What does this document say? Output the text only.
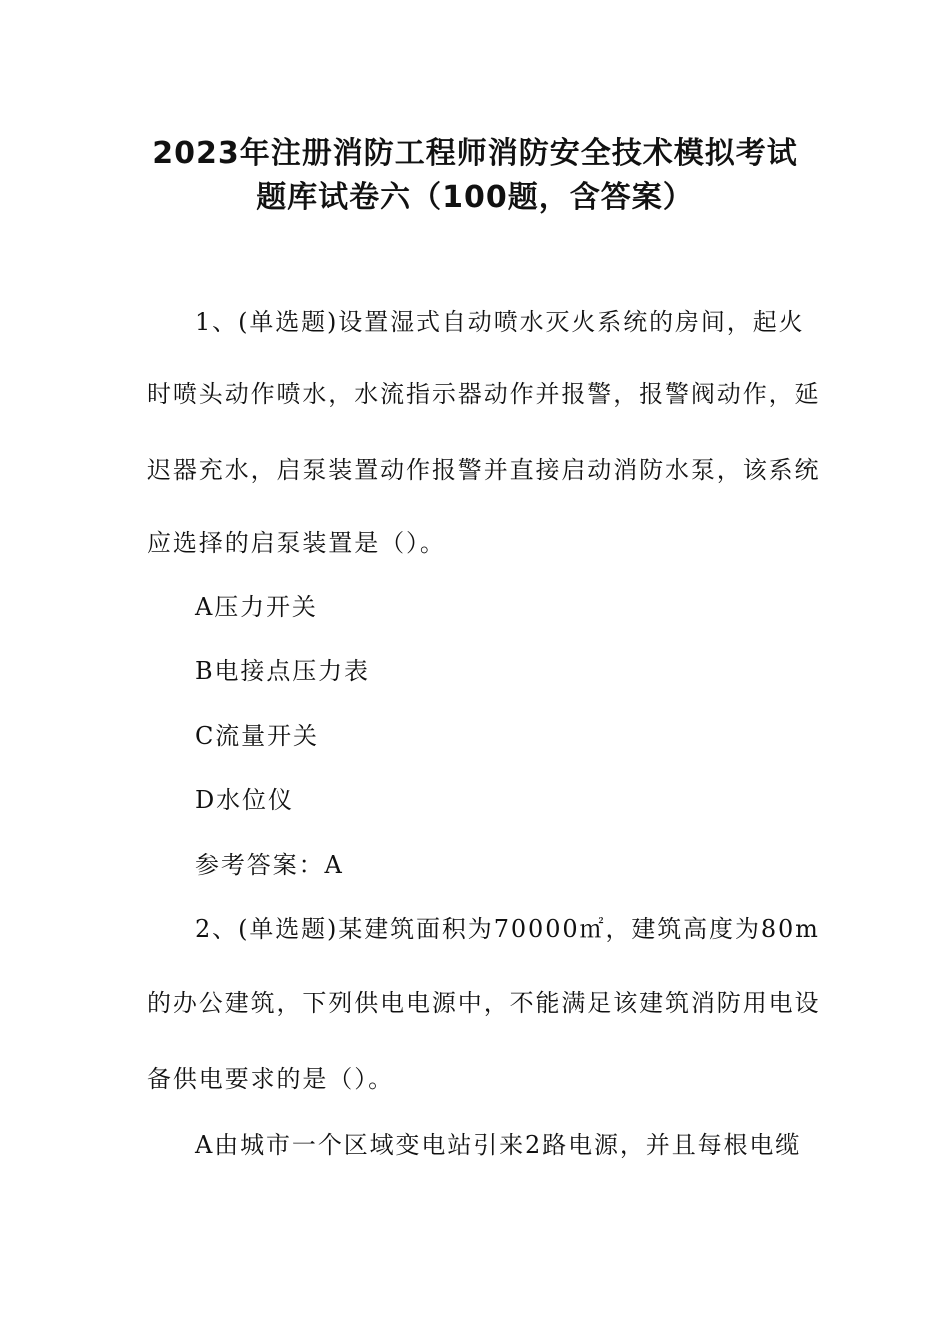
2023年注册消防工程师消防安全技术模拟考试
题库试卷六（100题，含答案）
1、(单选题)设置湿式自动喷水灭火系统的房间，起火
时喷头动作喷水，水流指示器动作并报警，报警阀动作，延
迟器充水，启泵装置动作报警并直接启动消防水泵，该系统
应选择的启泵装置是（）。
A压力开关
B电接点压力表
C流量开关
D水位仪
参考答案：A
2、(单选题)某建筑面积为70000㎡，建筑高度为80m
的办公建筑，下列供电电源中，不能满足该建筑消防用电设
备供电要求的是（）。
A由城市一个区域变电站引来2路电源，并且每根电缆
